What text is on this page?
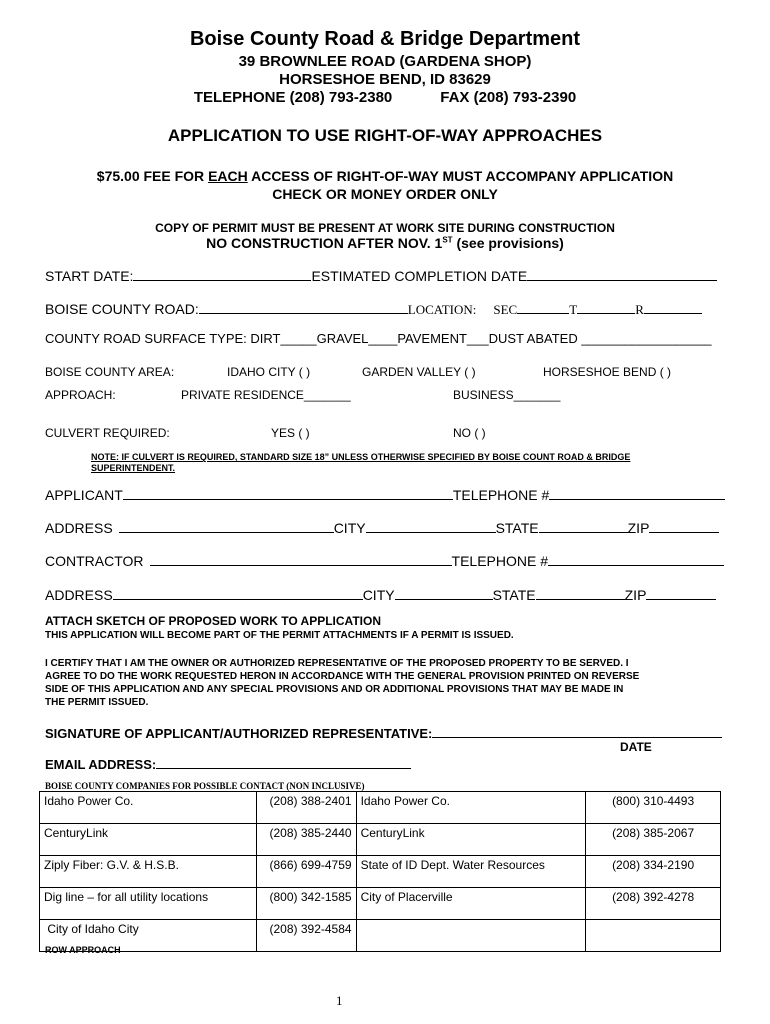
Boise County Road & Bridge Department
39 BROWNLEE ROAD (GARDENA SHOP)
HORSESHOE BEND, ID 83629
TELEPHONE (208) 793-2380	FAX (208) 793-2390
APPLICATION TO USE RIGHT-OF-WAY APPROACHES
$75.00 FEE FOR EACH ACCESS OF RIGHT-OF-WAY MUST ACCOMPANY APPLICATION
CHECK OR MONEY ORDER ONLY
COPY OF PERMIT MUST BE PRESENT AT WORK SITE DURING CONSTRUCTION
NO CONSTRUCTION AFTER NOV. 1ST (see provisions)
START DATE:	ESTIMATED COMPLETION DATE
BOISE COUNTY ROAD:	LOCATION: SEC	T	R
COUNTY ROAD SURFACE TYPE: DIRT_____GRAVEL____PAVEMENT___DUST ABATED __________________
BOISE COUNTY AREA:	IDAHO CITY ( )	GARDEN VALLEY ( )	HORSESHOE BEND ( )
APPROACH:	PRIVATE RESIDENCE_______	BUSINESS_______
CULVERT REQUIRED:	YES ( )	NO ( )
NOTE: IF CULVERT IS REQUIRED, STANDARD SIZE 18” UNLESS OTHERWISE SPECIFIED BY BOISE COUNT ROAD & BRIDGE
SUPERINTENDENT.
APPLICANT	TELEPHONE #
ADDRESS	CITY	STATE	ZIP
CONTRACTOR	TELEPHONE #
ADDRESS	CITY	STATE	ZIP
ATTACH SKETCH OF PROPOSED WORK TO APPLICATION
THIS APPLICATION WILL BECOME PART OF THE PERMIT ATTACHMENTS IF A PERMIT IS ISSUED.
I CERTIFY THAT I AM THE OWNER OR AUTHORIZED REPRESENTATIVE OF THE PROPOSED PROPERTY TO BE SERVED. I
AGREE TO DO THE WORK REQUESTED HERON IN ACCORDANCE WITH THE GENERAL PROVISION PRINTED ON REVERSE
SIDE OF THIS APPLICATION AND ANY SPECIAL PROVISIONS AND OR ADDITIONAL PROVISIONS THAT MAY BE MADE IN
THE PERMIT ISSUED.
SIGNATURE OF APPLICANT/AUTHORIZED REPRESENTATIVE:
DATE
EMAIL ADDRESS:
BOISE COUNTY COMPANIES FOR POSSIBLE CONTACT (NON INCLUSIVE)
Idaho Power Co.	(208) 388-2401	Idaho Power Co.	(800) 310-4493
CenturyLink	(208) 385-2440	CenturyLink	(208) 385-2067
Ziply Fiber: G.V. & H.S.B.	(866) 699-4759	State of ID Dept. Water Resources	(208) 334-2190
Dig line – for all utility locations	(800) 342-1585	City of Placerville	(208) 392-4278
City of Idaho City	(208) 392-4584		
ROW APPROACH
1
